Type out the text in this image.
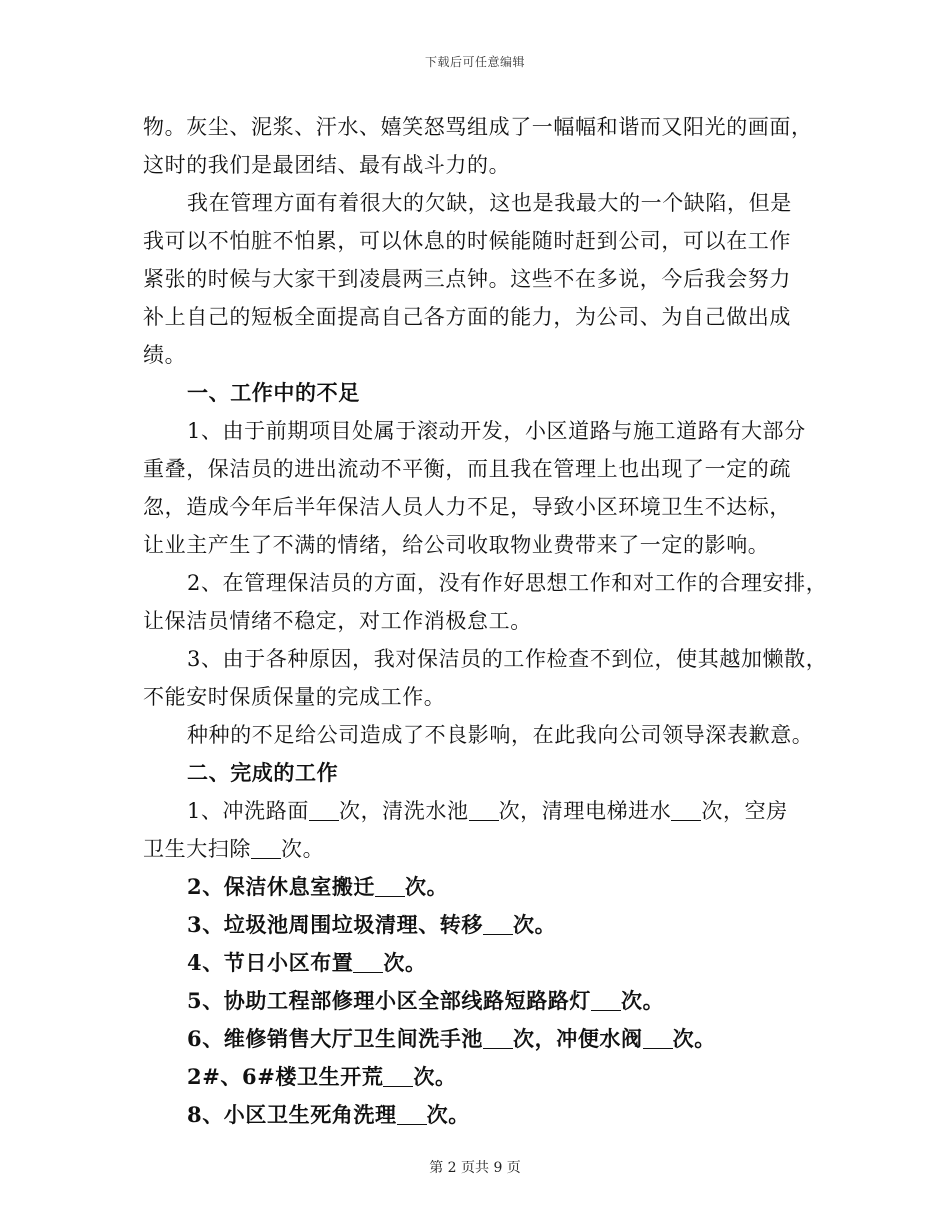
下载后可任意编辑
物。灰尘、泥浆、汗水、嬉笑怒骂组成了一幅幅和谐而又阳光的画面，
这时的我们是最团结、最有战斗力的。
我在管理方面有着很大的欠缺，这也是我最大的一个缺陷，但是
我可以不怕脏不怕累，可以休息的时候能随时赶到公司，可以在工作
紧张的时候与大家干到凌晨两三点钟。这些不在多说，今后我会努力
补上自己的短板全面提高自己各方面的能力，为公司、为自己做出成
绩。
一、工作中的不足
1、由于前期项目处属于滚动开发，小区道路与施工道路有大部分
重叠，保洁员的进出流动不平衡，而且我在管理上也出现了一定的疏
忽，造成今年后半年保洁人员人力不足，导致小区环境卫生不达标，
让业主产生了不满的情绪，给公司收取物业费带来了一定的影响。
2、在管理保洁员的方面，没有作好思想工作和对工作的合理安排，
让保洁员情绪不稳定，对工作消极怠工。
3、由于各种原因，我对保洁员的工作检查不到位，使其越加懒散，
不能安时保质保量的完成工作。
种种的不足给公司造成了不良影响，在此我向公司领导深表歉意。
二、完成的工作
1、冲洗路面 次，清洗水池 次，清理电梯进水 次，空房
卫生大扫除 次。
2、保洁休息室搬迁 次。
3、垃圾池周围垃圾清理、转移 次。
4、节日小区布置 次。
5、协助工程部修理小区全部线路短路路灯 次。
6、维修销售大厅卫生间洗手池 次，冲便水阀 次。
2#、6#楼卫生开荒 次。
8、小区卫生死角洗理 次。
第 2 页共 9 页
